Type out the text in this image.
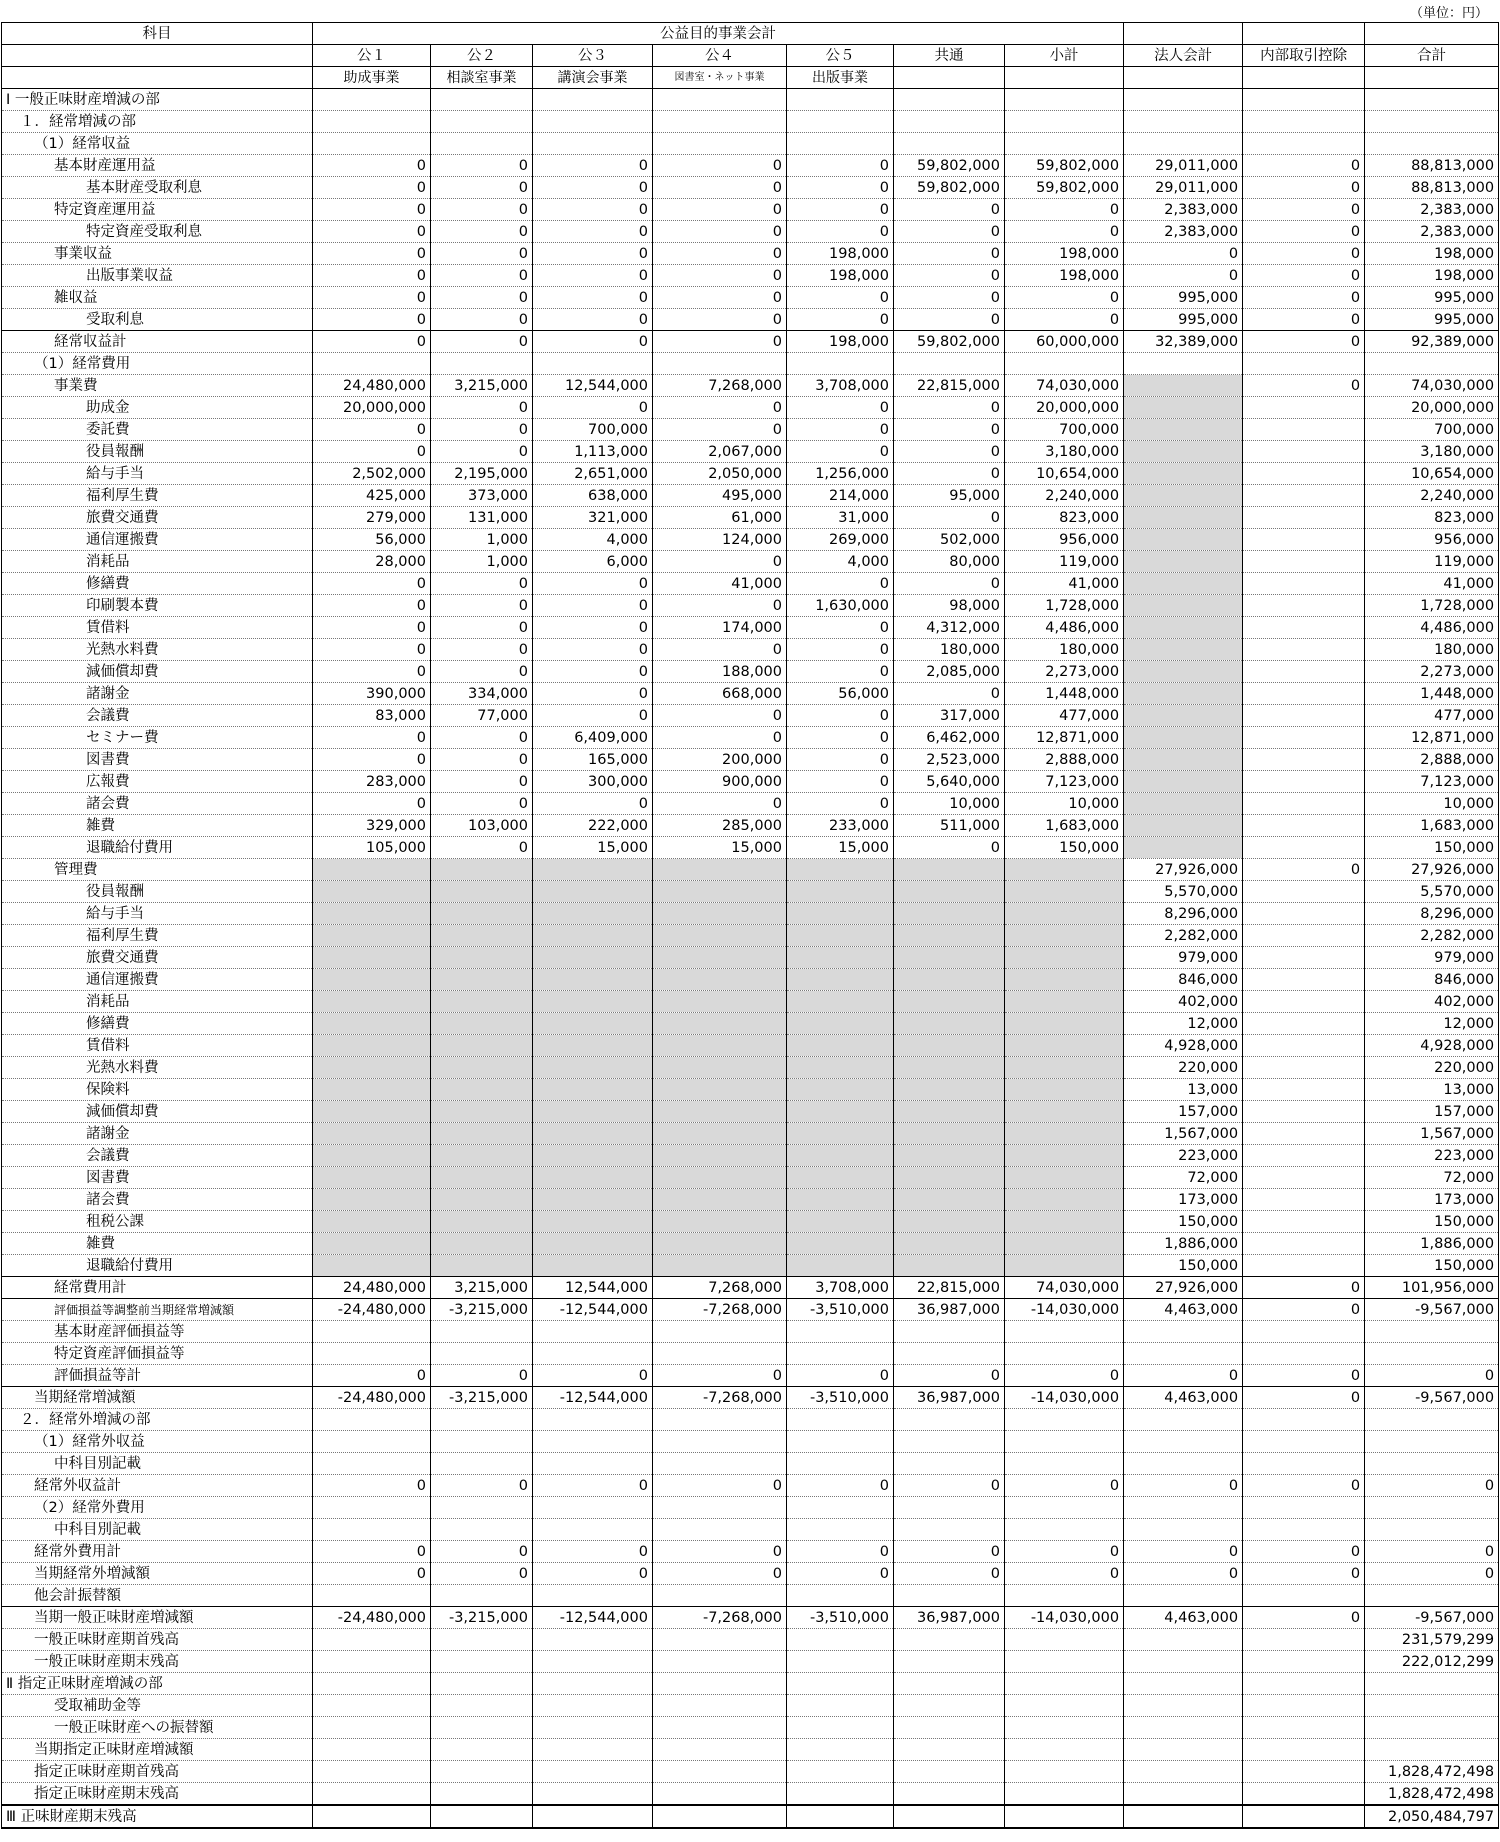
（単位：円）
科目	公益目的事業会計									
	公１	公２	公３	公４	公５	共通	小計	法人会計	内部取引控除	合計
	助成事業	相談室事業	講演会事業	図書室・ネット事業	出版事業					
Ⅰ 一般正味財産増減の部										
１．経常増減の部										
（1）経常収益										
基本財産運用益	0	0	0	0	0	59,802,000	59,802,000	29,011,000	0	88,813,000
基本財産受取利息	0	0	0	0	0	59,802,000	59,802,000	29,011,000	0	88,813,000
特定資産運用益	0	0	0	0	0	0	0	2,383,000	0	2,383,000
特定資産受取利息	0	0	0	0	0	0	0	2,383,000	0	2,383,000
事業収益	0	0	0	0	198,000	0	198,000	0	0	198,000
出版事業収益	0	0	0	0	198,000	0	198,000	0	0	198,000
雑収益	0	0	0	0	0	0	0	995,000	0	995,000
受取利息	0	0	0	0	0	0	0	995,000	0	995,000
経常収益計	0	0	0	0	198,000	59,802,000	60,000,000	32,389,000	0	92,389,000
（1）経常費用										
事業費	24,480,000	3,215,000	12,544,000	7,268,000	3,708,000	22,815,000	74,030,000		0	74,030,000
助成金	20,000,000	0	0	0	0	0	20,000,000			20,000,000
委託費	0	0	700,000	0	0	0	700,000			700,000
役員報酬	0	0	1,113,000	2,067,000	0	0	3,180,000			3,180,000
給与手当	2,502,000	2,195,000	2,651,000	2,050,000	1,256,000	0	10,654,000			10,654,000
福利厚生費	425,000	373,000	638,000	495,000	214,000	95,000	2,240,000			2,240,000
旅費交通費	279,000	131,000	321,000	61,000	31,000	0	823,000			823,000
通信運搬費	56,000	1,000	4,000	124,000	269,000	502,000	956,000			956,000
消耗品	28,000	1,000	6,000	0	4,000	80,000	119,000			119,000
修繕費	0	0	0	41,000	0	0	41,000			41,000
印刷製本費	0	0	0	0	1,630,000	98,000	1,728,000			1,728,000
賃借料	0	0	0	174,000	0	4,312,000	4,486,000			4,486,000
光熱水料費	0	0	0	0	0	180,000	180,000			180,000
減価償却費	0	0	0	188,000	0	2,085,000	2,273,000			2,273,000
諸謝金	390,000	334,000	0	668,000	56,000	0	1,448,000			1,448,000
会議費	83,000	77,000	0	0	0	317,000	477,000			477,000
セミナー費	0	0	6,409,000	0	0	6,462,000	12,871,000			12,871,000
図書費	0	0	165,000	200,000	0	2,523,000	2,888,000			2,888,000
広報費	283,000	0	300,000	900,000	0	5,640,000	7,123,000			7,123,000
諸会費	0	0	0	0	0	10,000	10,000			10,000
雑費	329,000	103,000	222,000	285,000	233,000	511,000	1,683,000			1,683,000
退職給付費用	105,000	0	15,000	15,000	15,000	0	150,000			150,000
管理費								27,926,000	0	27,926,000
役員報酬								5,570,000		5,570,000
給与手当								8,296,000		8,296,000
福利厚生費								2,282,000		2,282,000
旅費交通費								979,000		979,000
通信運搬費								846,000		846,000
消耗品								402,000		402,000
修繕費								12,000		12,000
賃借料								4,928,000		4,928,000
光熱水料費								220,000		220,000
保険料								13,000		13,000
減価償却費								157,000		157,000
諸謝金								1,567,000		1,567,000
会議費								223,000		223,000
図書費								72,000		72,000
諸会費								173,000		173,000
租税公課								150,000		150,000
雑費								1,886,000		1,886,000
退職給付費用								150,000		150,000
経常費用計	24,480,000	3,215,000	12,544,000	7,268,000	3,708,000	22,815,000	74,030,000	27,926,000	0	101,956,000
評価損益等調整前当期経常増減額	-24,480,000	-3,215,000	-12,544,000	-7,268,000	-3,510,000	36,987,000	-14,030,000	4,463,000	0	-9,567,000
基本財産評価損益等										
特定資産評価損益等										
評価損益等計	0	0	0	0	0	0	0	0	0	0
当期経常増減額	-24,480,000	-3,215,000	-12,544,000	-7,268,000	-3,510,000	36,987,000	-14,030,000	4,463,000	0	-9,567,000
２．経常外増減の部										
（1）経常外収益										
中科目別記載										
経常外収益計	0	0	0	0	0	0	0	0	0	0
（2）経常外費用										
中科目別記載										
経常外費用計	0	0	0	0	0	0	0	0	0	0
当期経常外増減額	0	0	0	0	0	0	0	0	0	0
他会計振替額										
当期一般正味財産増減額	-24,480,000	-3,215,000	-12,544,000	-7,268,000	-3,510,000	36,987,000	-14,030,000	4,463,000	0	-9,567,000
一般正味財産期首残高										231,579,299
一般正味財産期末残高										222,012,299
Ⅱ 指定正味財産増減の部										
受取補助金等										
一般正味財産への振替額										
当期指定正味財産増減額										
指定正味財産期首残高										1,828,472,498
指定正味財産期末残高										1,828,472,498
Ⅲ 正味財産期末残高										2,050,484,797
